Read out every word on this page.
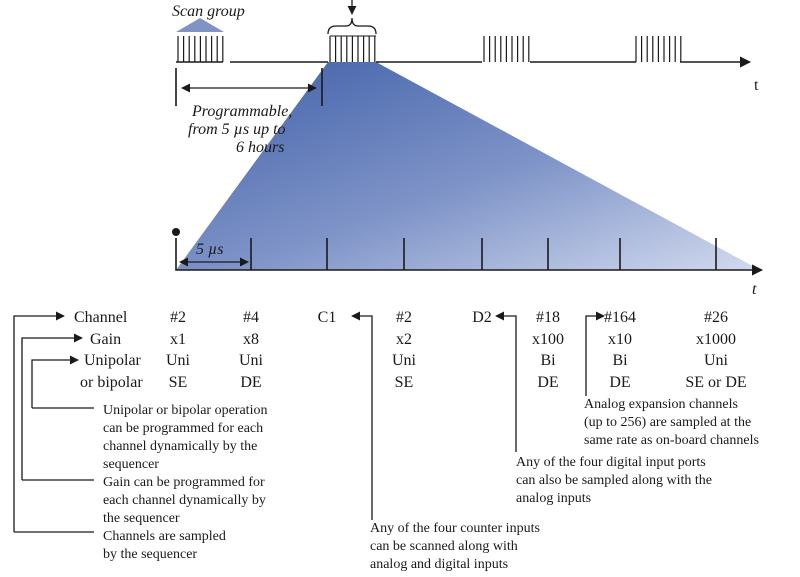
Scan group
t
Programmable,
from 5 µs up to
6 hours
t
5 µs
Channel
Gain
Unipolar
or bipolar
#2
x1
Uni
SE
#4
x8
Uni
DE
C1	#2
x2
Uni
SE
D2	#18
x100
Bi
DE
#164
x10
Bi
DE
#26
x1000
Uni
SE or DE
Unipolar or bipolar operation
can be programmed for each
channel dynamically by the
sequencer
Gain can be programmed for
each channel dynamically by
the sequencer
Channels are sampled
by the sequencer
Any of the four counter inputs
can be scanned along with
analog and digital inputs
Any of the four digital input ports
can also be sampled along with the
analog inputs
Analog expansion channels
(up to 256) are sampled at the
same rate as on-board channels
